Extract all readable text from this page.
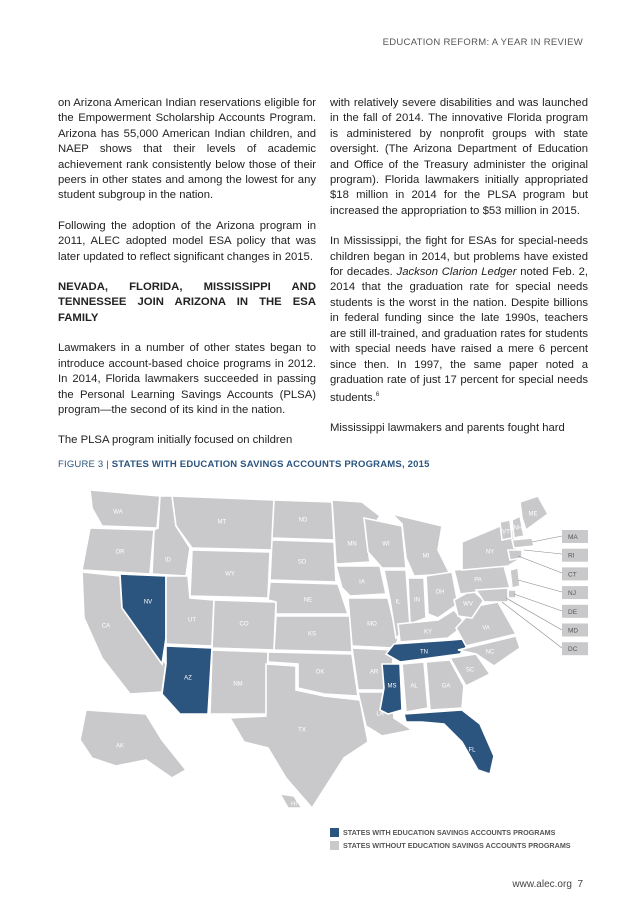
EDUCATION REFORM: A YEAR IN REVIEW

on Arizona American Indian reservations eligible for the Empowerment Scholarship Accounts Program. Arizona has 55,000 American Indian children, and NAEP shows that their levels of academic achievement rank consistently below those of their peers in other states and among the lowest for any student subgroup in the nation.

Following the adoption of the Arizona program in 2011, ALEC adopted model ESA policy that was later updated to reflect significant changes in 2015.

NEVADA, FLORIDA, MISSISSIPPI AND TENNESSEE JOIN ARIZONA IN THE ESA FAMILY

Lawmakers in a number of other states began to introduce account-based choice programs in 2012. In 2014, Florida lawmakers succeeded in passing the Personal Learning Savings Accounts (PLSA) program—the second of its kind in the nation.

The PLSA program initially focused on children

with relatively severe disabilities and was launched in the fall of 2014. The innovative Florida program is administered by nonprofit groups with state oversight. (The Arizona Department of Education and Office of the Treasury administer the original program). Florida lawmakers initially appropriated $18 million in 2014 for the PLSA program but increased the appropriation to $53 million in 2015.

In Mississippi, the fight for ESAs for special-needs children began in 2014, but problems have existed for decades. Jackson Clarion Ledger noted Feb. 2, 2014 that the graduation rate for special needs students is the worst in the nation. Despite billions in federal funding since the late 1990s, teachers are still ill-trained, and graduation rates for students with special needs have raised a mere 6 percent since then. In 1997, the same paper noted a graduation rate of just 17 percent for special needs students.$^6$

Mississippi lawmakers and parents fought hard

FIGURE 3 | STATES WITH EDUCATION SAVINGS ACCOUNTS PROGRAMS, 2015
WA
OR
CA
NV
ID
MT
WY
UT
AZ
CO
NM
ND
SD
NE
KS
OK
TX
MN
IA
MO
AR
LA
WI
IL
MI
IN
OH
KY
TN
MS AL	GA
FL
SC
NC
VA
WV
PA
NY
VT
NH
ME
AK
HI
MA
RI
CT
NJ
DE
MD
DC
STATES WITH EDUCATION SAVINGS ACCOUNTS PROGRAMS
STATES WITHOUT EDUCATION SAVINGS ACCOUNTS PROGRAMS
www.alec.org 7
